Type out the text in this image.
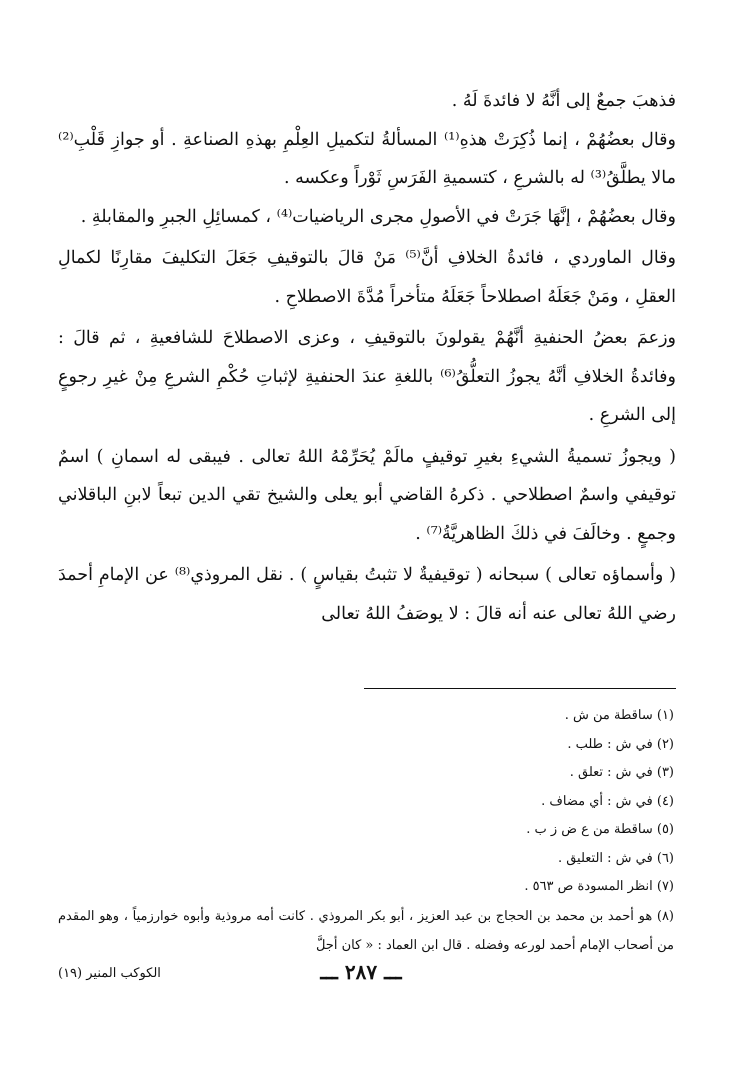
فذهبَ جمعٌ إلى أنَّهُ لا فائدةَ لَهُ .

وقال بعضُهُمْ ، إنما ذُكِرَتْ هذهِ⁽¹⁾ المسألةُ لتكميلِ العِلْمِ بهذهِ الصناعةِ . أو جوازِ قَلْبِ⁽²⁾ مالا يطلَّقُ⁽³⁾ له بالشرعِ ، كتسميةِ الفَرَسِ ثَوْراً وعكسه .

وقال بعضُهُمْ ، إنَّهَا جَرَتْ في الأصولِ مجرى الرياضيات⁽⁴⁾ ، كمسائِلِ الجبرِ والمقابلةِ .

وقال الماوردي ، فائدةُ الخلافِ أنَّ⁽⁵⁾ مَنْ قالَ بالتوقيفِ جَعَلَ التكليفَ مقارِنًا لكمالِ العقلِ ، ومَنْ جَعَلَهُ اصطلاحاً جَعَلَهُ متأخراً مُدَّةَ الاصطلاحِ .

وزعمَ بعضُ الحنفيةِ أنَّهُمْ يقولونَ بالتوقيفِ ، وعزى الاصطلاحَ للشافعيةِ ، ثم قالَ : وفائدةُ الخلافِ أنَّهُ يجوزُ التعلُّقُ⁽⁶⁾ باللغةِ عندَ الحنفيةِ لإثباتِ حُكْمِ الشرعِ مِنْ غيرِ رجوعٍ إلى الشرعِ .

( ويجوزُ تسميةُ الشيءِ بغيرِ توقيفٍ مالَمْ يُحَرِّمْهُ اللهُ تعالى . فيبقى له اسمانِ ) اسمٌ توقيفي واسمٌ اصطلاحي . ذكرهُ القاضي أبو يعلى والشيخ تقي الدين تبعاً لابنِ الباقلاني وجمعٍ . وخالَفَ في ذلكَ الظاهريَّةُ⁽⁷⁾ .

( وأسماؤه تعالى ) سبحانه ( توقيفيةٌ لا تثبتُ بقياسٍ ) . نقل المروذي⁽⁸⁾ عن الإمامِ أحمدَ رضي اللهُ تعالى عنه أنه قالَ : لا يوصَفُ اللهُ تعالى

(١) ساقطة من ش .
(٢) في ش : طلب .
(٣) في ش : تعلق .
(٤) في ش : أي مضاف .
(٥) ساقطة من ع ض ز ب .
(٦) في ش : التعليق .
(٧) انظر المسودة ص ٥٦٣ .
(٨) هو أحمد بن محمد بن الحجاج بن عبد العزيز ، أبو بكر المروذي . كانت أمه مروذية وأبوه خوارزمياً ، وهو المقدم من أصحاب الإمام أحمد لورعه وفضله . قال ابن العماد : « كان أجلَّ
ـــ ٢٨٧ ـــ
الكوكب المنير (١٩)
